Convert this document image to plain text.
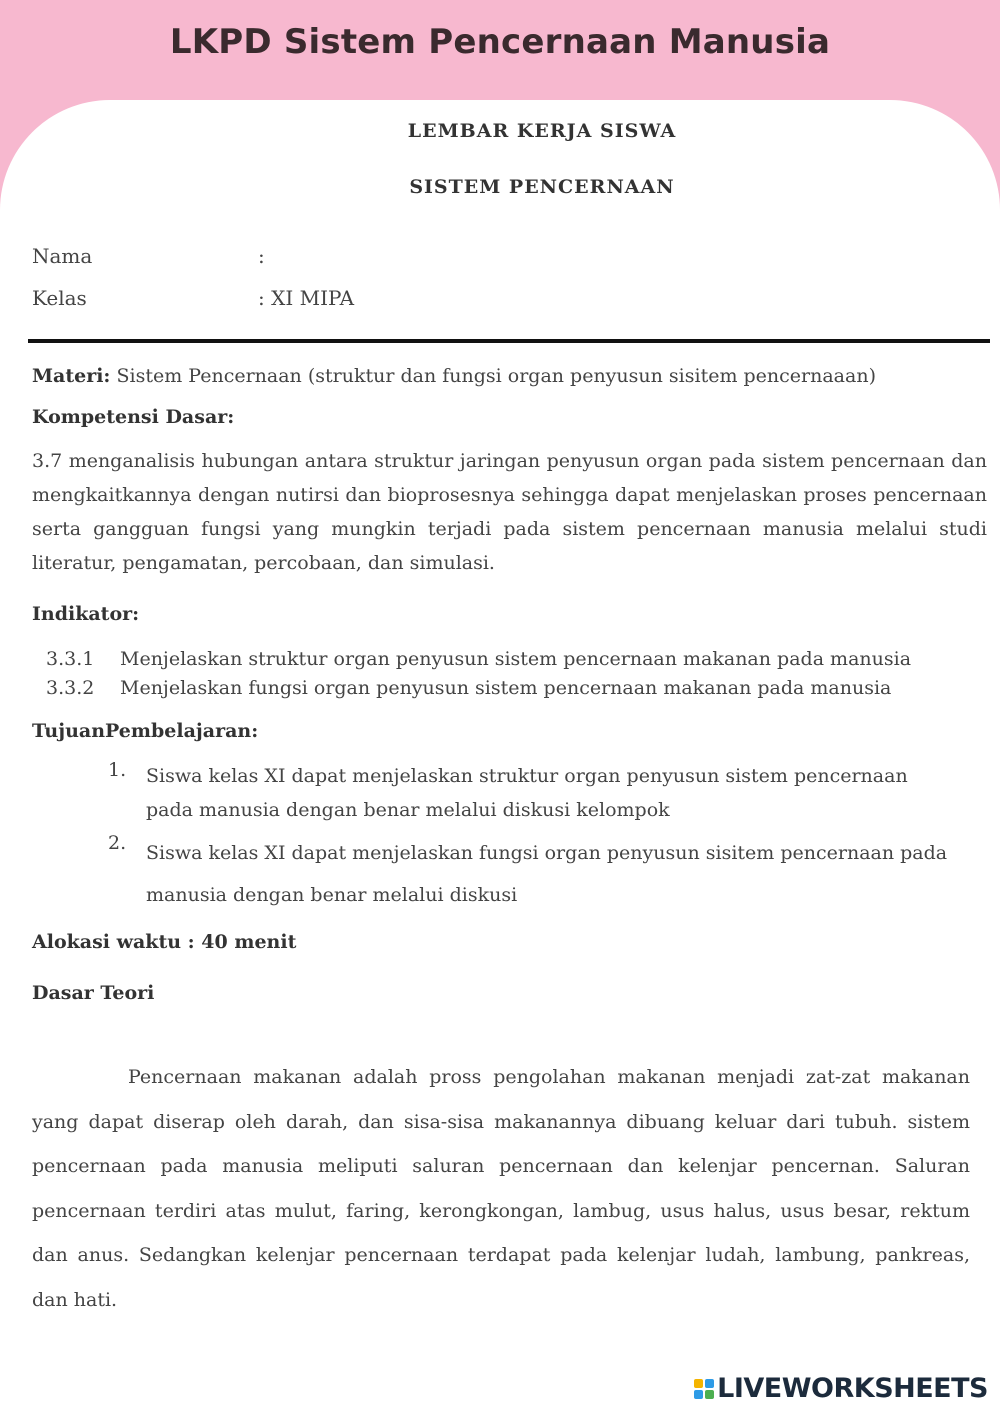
LKPD Sistem Pencernaan Manusia
LEMBAR KERJA SISWA
SISTEM PENCERNAAN
Nama	:
Kelas	: XI MIPA
Materi: Sistem Pencernaan (struktur dan fungsi organ penyusun sisitem pencernaaan)
Kompetensi Dasar:
3.7 menganalisis hubungan antara struktur jaringan penyusun organ pada sistem pencernaan dan mengkaitkannya dengan nutirsi dan bioprosesnya sehingga dapat menjelaskan proses pencernaan serta gangguan fungsi yang mungkin terjadi pada sistem pencernaan manusia melalui studi literatur, pengamatan, percobaan, dan simulasi.
Indikator:
3.3.1 Menjelaskan struktur organ penyusun sistem pencernaan makanan pada manusia
3.3.2 Menjelaskan fungsi organ penyusun sistem pencernaan makanan pada manusia
TujuanPembelajaran:
1. Siswa kelas XI dapat menjelaskan struktur organ penyusun sistem pencernaan pada manusia dengan benar melalui diskusi kelompok
2. Siswa kelas XI dapat menjelaskan fungsi organ penyusun sisitem pencernaan pada manusia dengan benar melalui diskusi
Alokasi waktu : 40 menit
Dasar Teori
Pencernaan makanan adalah pross pengolahan makanan menjadi zat-zat makanan yang dapat diserap oleh darah, dan sisa-sisa makanannya dibuang keluar dari tubuh. sistem pencernaan pada manusia meliputi saluran pencernaan dan kelenjar pencernan. Saluran pencernaan terdiri atas mulut, faring, kerongkongan, lambug, usus halus, usus besar, rektum dan anus. Sedangkan kelenjar pencernaan terdapat pada kelenjar ludah, lambung, pankreas, dan hati.
LIVEWORKSHEETS
